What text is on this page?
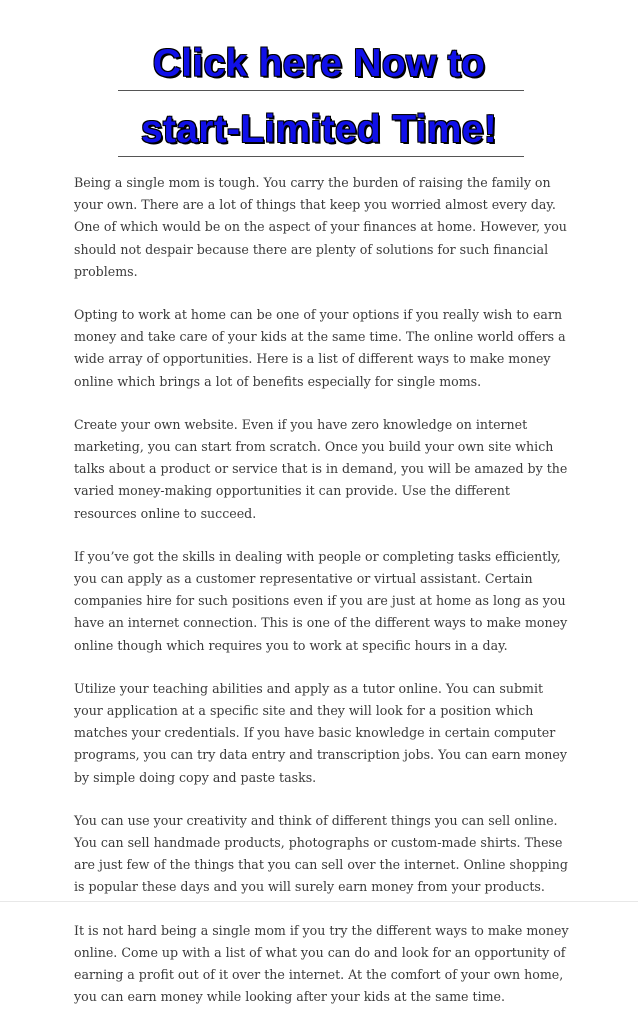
Click here Now to
start-Limited Time!

Being a single mom is tough. You carry the burden of raising the family on your own. There are a lot of things that keep you worried almost every day. One of which would be on the aspect of your finances at home. However, you should not despair because there are plenty of solutions for such financial problems.

Opting to work at home can be one of your options if you really wish to earn money and take care of your kids at the same time. The online world offers a wide array of opportunities. Here is a list of different ways to make money online which brings a lot of benefits especially for single moms.

Create your own website. Even if you have zero knowledge on internet marketing, you can start from scratch. Once you build your own site which talks about a product or service that is in demand, you will be amazed by the varied money-making opportunities it can provide. Use the different resources online to succeed.

If you’ve got the skills in dealing with people or completing tasks efficiently, you can apply as a customer representative or virtual assistant. Certain companies hire for such positions even if you are just at home as long as you have an internet connection. This is one of the different ways to make money online though which requires you to work at specific hours in a day.

Utilize your teaching abilities and apply as a tutor online. You can submit your application at a specific site and they will look for a position which matches your credentials. If you have basic knowledge in certain computer programs, you can try data entry and transcription jobs. You can earn money by simple doing copy and paste tasks.

You can use your creativity and think of different things you can sell online. You can sell handmade products, photographs or custom-made shirts. These are just few of the things that you can sell over the internet. Online shopping is popular these days and you will surely earn money from your products.

It is not hard being a single mom if you try the different ways to make money online. Come up with a list of what you can do and look for an opportunity of earning a profit out of it over the internet. At the comfort of your own home, you can earn money while looking after your kids at the same time.
